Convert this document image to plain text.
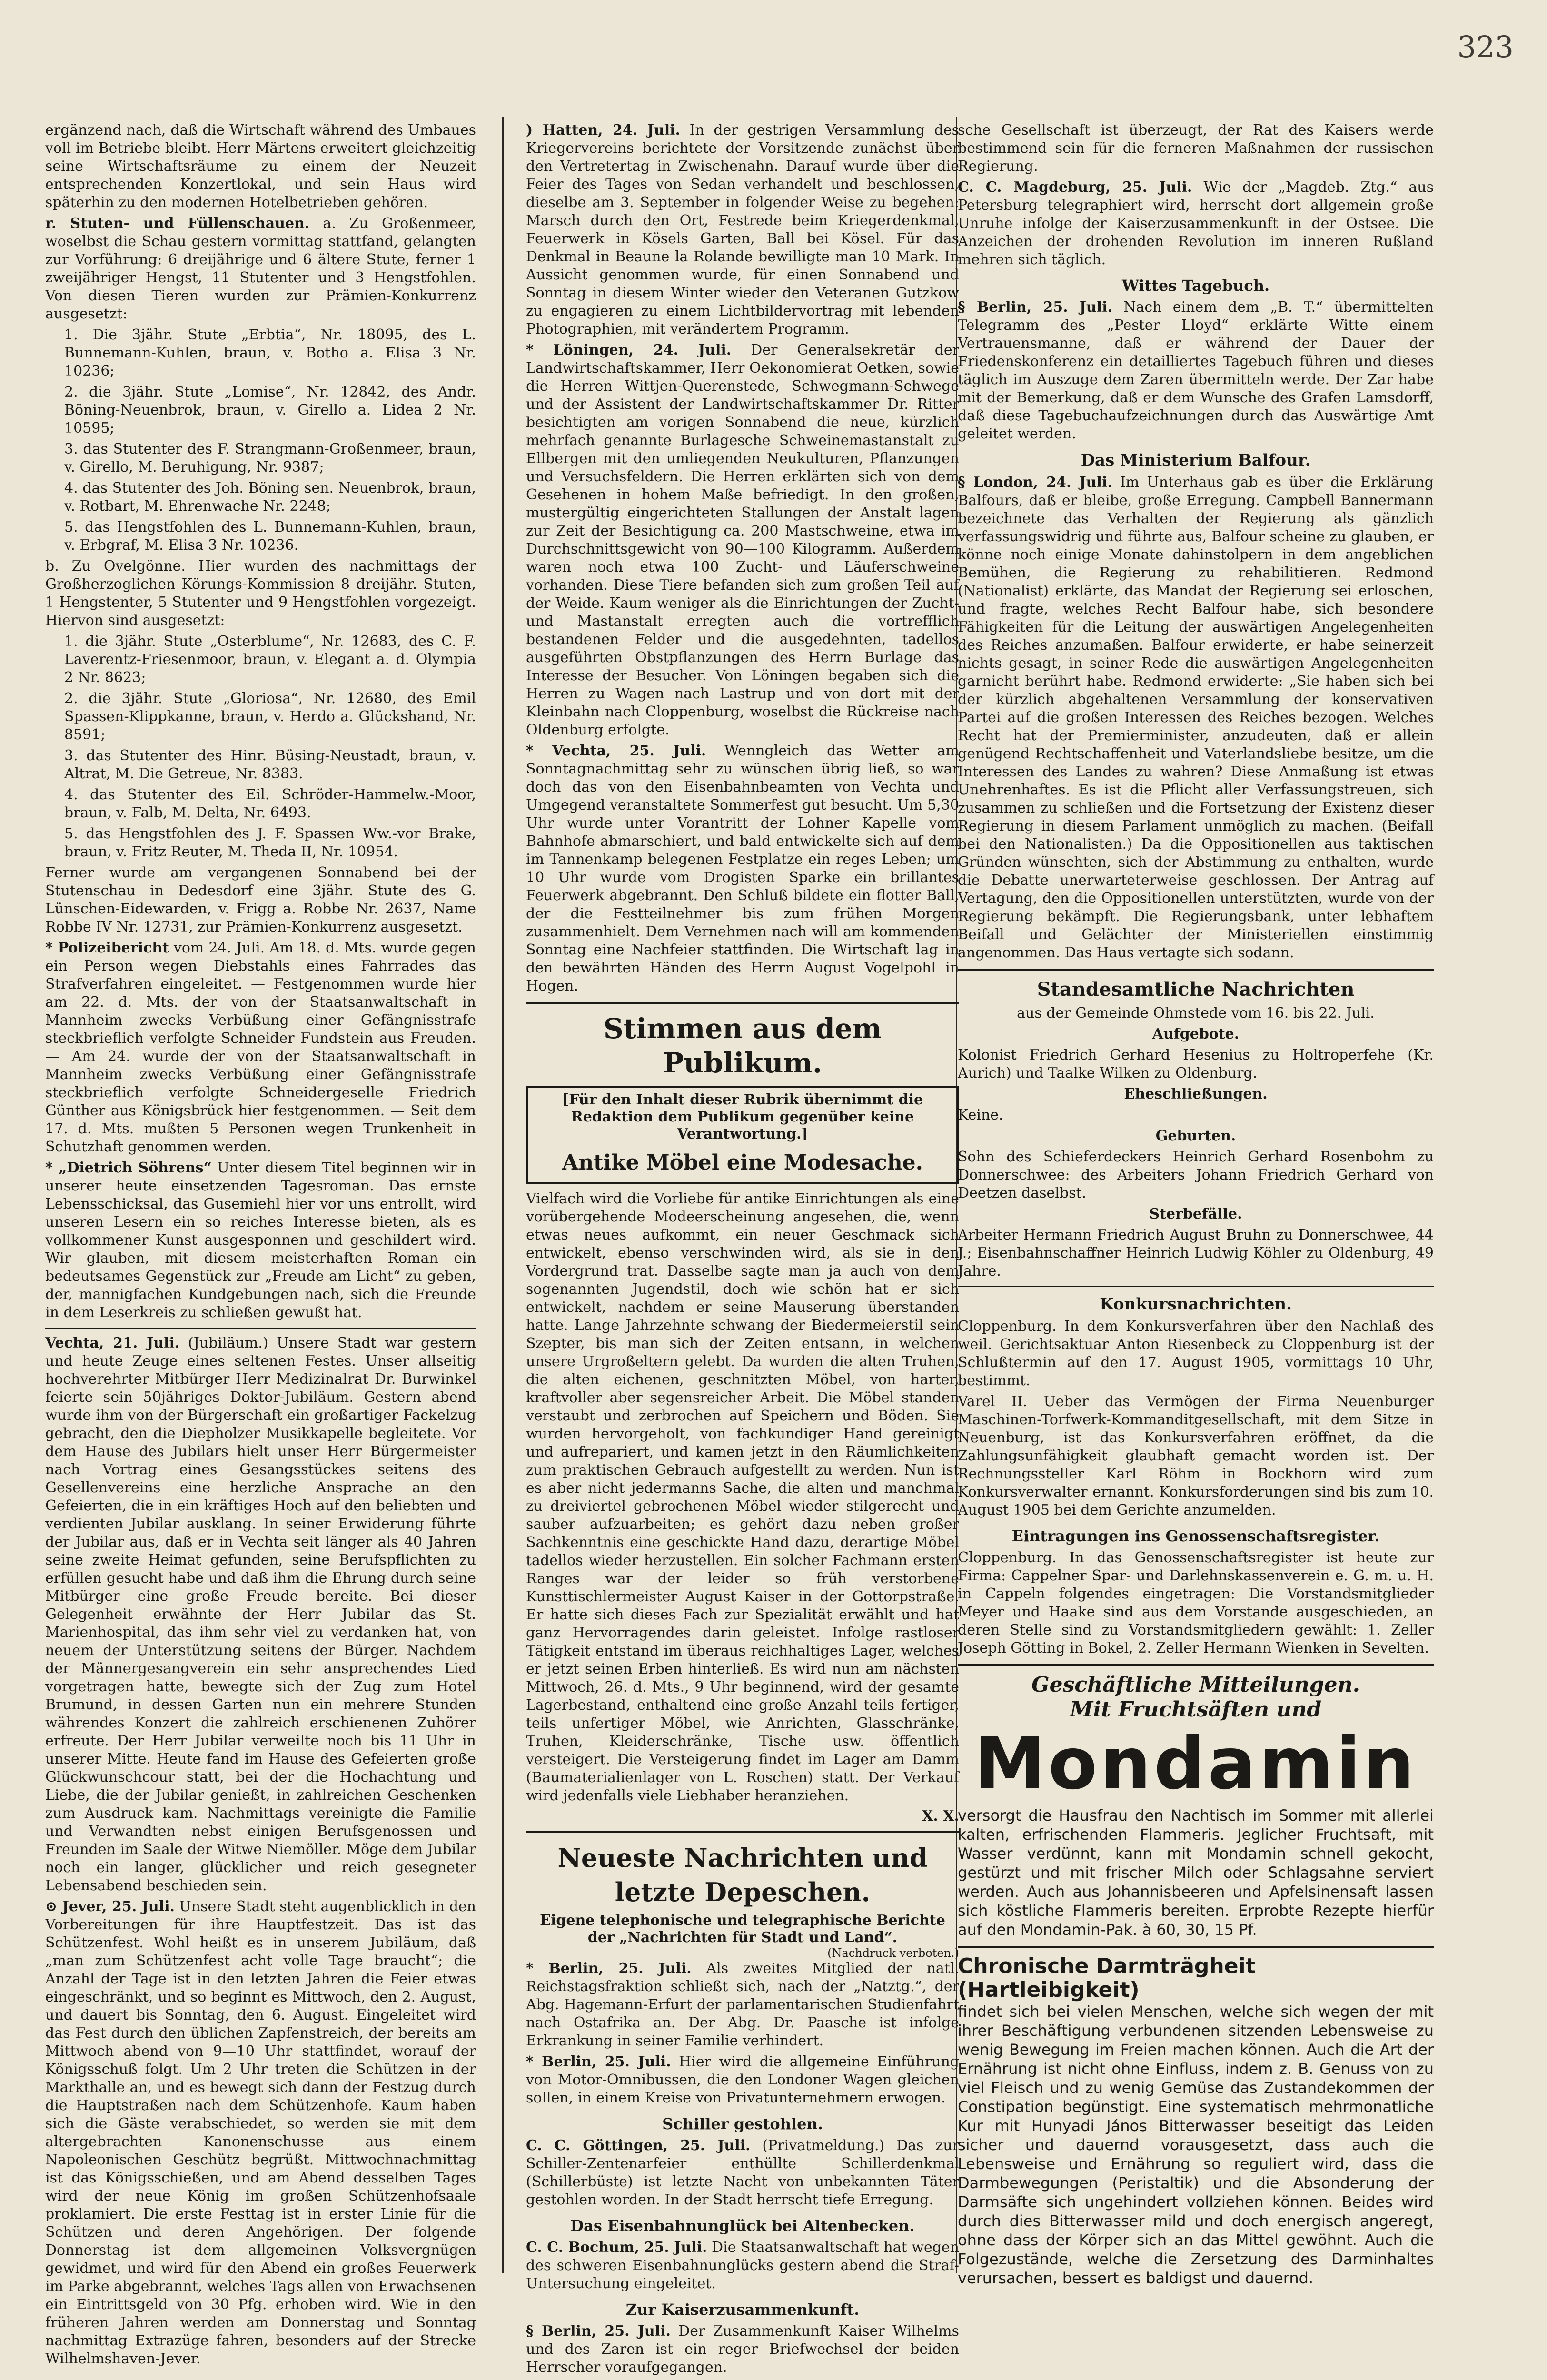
323

ergänzend nach, daß die Wirtschaft während des Umbaues voll im Betriebe bleibt. Herr Märtens erweitert gleichzeitig seine Wirtschaftsräume zu einem der Neuzeit entsprechenden Konzertlokal, und sein Haus wird späterhin zu den modernen Hotelbetrieben gehören.

r. Stuten- und Füllenschauen. a. Zu Großenmeer, woselbst die Schau gestern vormittag stattfand, gelangten zur Vorführung: 6 dreijährige und 6 ältere Stute, ferner 1 zweijähriger Hengst, 11 Stutenter und 3 Hengstfohlen. Von diesen Tieren wurden zur Prämien-Konkurrenz ausgesetzt:

1. Die 3jähr. Stute „Erbtia“, Nr. 18095, des L. Bunnemann-Kuhlen, braun, v. Botho a. Elisa 3 Nr. 10236;

2. die 3jähr. Stute „Lomise“, Nr. 12842, des Andr. Böning-Neuenbrok, braun, v. Girello a. Lidea 2 Nr. 10595;

3. das Stutenter des F. Strangmann-Großenmeer, braun, v. Girello, M. Beruhigung, Nr. 9387;

4. das Stutenter des Joh. Böning sen. Neuenbrok, braun, v. Rotbart, M. Ehrenwache Nr. 2248;

5. das Hengstfohlen des L. Bunnemann-Kuhlen, braun, v. Erbgraf, M. Elisa 3 Nr. 10236.

b. Zu Ovelgönne. Hier wurden des nachmittags der Großherzoglichen Körungs-Kommission 8 dreijähr. Stuten, 1 Hengstenter, 5 Stutenter und 9 Hengstfohlen vorgezeigt. Hiervon sind ausgesetzt:

1. die 3jähr. Stute „Osterblume“, Nr. 12683, des C. F. Laverentz-Friesenmoor, braun, v. Elegant a. d. Olympia 2 Nr. 8623;

2. die 3jähr. Stute „Gloriosa“, Nr. 12680, des Emil Spassen-Klippkanne, braun, v. Herdo a. Glückshand, Nr. 8591;

3. das Stutenter des Hinr. Büsing-Neustadt, braun, v. Altrat, M. Die Getreue, Nr. 8383.

4. das Stutenter des Eil. Schröder-Hammelw.-Moor, braun, v. Falb, M. Delta, Nr. 6493.

5. das Hengstfohlen des J. F. Spassen Ww.-vor Brake, braun, v. Fritz Reuter, M. Theda II, Nr. 10954.

Ferner wurde am vergangenen Sonnabend bei der Stutenschau in Dedesdorf eine 3jähr. Stute des G. Lünschen-Eidewarden, v. Frigg a. Robbe Nr. 2637, Name Robbe IV Nr. 12731, zur Prämien-Konkurrenz ausgesetzt.

* Polizeibericht vom 24. Juli. Am 18. d. Mts. wurde gegen ein Person wegen Diebstahls eines Fahrrades das Strafverfahren eingeleitet. — Festgenommen wurde hier am 22. d. Mts. der von der Staatsanwaltschaft in Mannheim zwecks Verbüßung einer Gefängnisstrafe steckbrieflich verfolgte Schneider Fundstein aus Freuden. — Am 24. wurde der von der Staatsanwaltschaft in Mannheim zwecks Verbüßung einer Gefängnisstrafe steckbrieflich verfolgte Schneidergeselle Friedrich Günther aus Königsbrück hier festgenommen. — Seit dem 17. d. Mts. mußten 5 Personen wegen Trunkenheit in Schutzhaft genommen werden.

* „Dietrich Söhrens“ Unter diesem Titel beginnen wir in unserer heute einsetzenden Tagesroman. Das ernste Lebensschicksal, das Gusemiehl hier vor uns entrollt, wird unseren Lesern ein so reiches Interesse bieten, als es vollkommener Kunst ausgesponnen und geschildert wird. Wir glauben, mit diesem meisterhaften Roman ein bedeutsames Gegenstück zur „Freude am Licht“ zu geben, der, mannigfachen Kundgebungen nach, sich die Freunde in dem Leserkreis zu schließen gewußt hat.

Vechta, 21. Juli. (Jubiläum.) Unsere Stadt war gestern und heute Zeuge eines seltenen Festes. Unser allseitig hochverehrter Mitbürger Herr Medizinalrat Dr. Burwinkel feierte sein 50jähriges Doktor-Jubiläum. Gestern abend wurde ihm von der Bürgerschaft ein großartiger Fackelzug gebracht, den die Diepholzer Musikkapelle begleitete. Vor dem Hause des Jubilars hielt unser Herr Bürgermeister nach Vortrag eines Gesangsstückes seitens des Gesellenvereins eine herzliche Ansprache an den Gefeierten, die in ein kräftiges Hoch auf den beliebten und verdienten Jubilar ausklang. In seiner Erwiderung führte der Jubilar aus, daß er in Vechta seit länger als 40 Jahren seine zweite Heimat gefunden, seine Berufspflichten zu erfüllen gesucht habe und daß ihm die Ehrung durch seine Mitbürger eine große Freude bereite. Bei dieser Gelegenheit erwähnte der Herr Jubilar das St. Marienhospital, das ihm sehr viel zu verdanken hat, von neuem der Unterstützung seitens der Bürger. Nachdem der Männergesangverein ein sehr ansprechendes Lied vorgetragen hatte, bewegte sich der Zug zum Hotel Brumund, in dessen Garten nun ein mehrere Stunden währendes Konzert die zahlreich erschienenen Zuhörer erfreute. Der Herr Jubilar verweilte noch bis 11 Uhr in unserer Mitte. Heute fand im Hause des Gefeierten große Glückwunschcour statt, bei der die Hochachtung und Liebe, die der Jubilar genießt, in zahlreichen Geschenken zum Ausdruck kam. Nachmittags vereinigte die Familie und Verwandten nebst einigen Berufsgenossen und Freunden im Saale der Witwe Niemöller. Möge dem Jubilar noch ein langer, glücklicher und reich gesegneter Lebensabend beschieden sein.

⊙ Jever, 25. Juli. Unsere Stadt steht augenblicklich in den Vorbereitungen für ihre Hauptfestzeit. Das ist das Schützenfest. Wohl heißt es in unserem Jubiläum, daß „man zum Schützenfest acht volle Tage braucht“; die Anzahl der Tage ist in den letzten Jahren die Feier etwas eingeschränkt, und so beginnt es Mittwoch, den 2. August, und dauert bis Sonntag, den 6. August. Eingeleitet wird das Fest durch den üblichen Zapfenstreich, der bereits am Mittwoch abend von 9—10 Uhr stattfindet, worauf der Königsschuß folgt. Um 2 Uhr treten die Schützen in der Markthalle an, und es bewegt sich dann der Festzug durch die Hauptstraßen nach dem Schützenhofe. Kaum haben sich die Gäste verabschiedet, so werden sie mit dem altergebrachten Kanonenschusse aus einem Napoleonischen Geschütz begrüßt. Mittwochnachmittag ist das Königsschießen, und am Abend desselben Tages wird der neue König im großen Schützenhofsaale proklamiert. Die erste Festtag ist in erster Linie für die Schützen und deren Angehörigen. Der folgende Donnerstag ist dem allgemeinen Volksvergnügen gewidmet, und wird für den Abend ein großes Feuerwerk im Parke abgebrannt, welches Tags allen von Erwachsenen ein Eintrittsgeld von 30 Pfg. erhoben wird. Wie in den früheren Jahren werden am Donnerstag und Sonntag nachmittag Extrazüge fahren, besonders auf der Strecke Wilhelmshaven-Jever.

) Hatten, 24. Juli. In der gestrigen Versammlung des Kriegervereins berichtete der Vorsitzende zunächst über den Vertretertag in Zwischenahn. Darauf wurde über die Feier des Tages von Sedan verhandelt und beschlossen, dieselbe am 3. September in folgender Weise zu begehen: Marsch durch den Ort, Festrede beim Kriegerdenkmal, Feuerwerk in Kösels Garten, Ball bei Kösel. Für das Denkmal in Beaune la Rolande bewilligte man 10 Mark. In Aussicht genommen wurde, für einen Sonnabend und Sonntag in diesem Winter wieder den Veteranen Gutzkow zu engagieren zu einem Lichtbildervortrag mit lebenden Photographien, mit verändertem Programm.

* Löningen, 24. Juli. Der Generalsekretär der Landwirtschaftskammer, Herr Oekonomierat Oetken, sowie die Herren Wittjen-Querenstede, Schwegmann-Schwege und der Assistent der Landwirtschaftskammer Dr. Ritter besichtigten am vorigen Sonnabend die neue, kürzlich mehrfach genannte Burlagesche Schweinemastanstalt zu Ellbergen mit den umliegenden Neukulturen, Pflanzungen und Versuchsfeldern. Die Herren erklärten sich von dem Gesehenen in hohem Maße befriedigt. In den großen, mustergültig eingerichteten Stallungen der Anstalt lagen zur Zeit der Besichtigung ca. 200 Mastschweine, etwa im Durchschnittsgewicht von 90—100 Kilogramm. Außerdem waren noch etwa 100 Zucht- und Läuferschweine vorhanden. Diese Tiere befanden sich zum großen Teil auf der Weide. Kaum weniger als die Einrichtungen der Zucht- und Mastanstalt erregten auch die vortrefflich bestandenen Felder und die ausgedehnten, tadellos ausgeführten Obstpflanzungen des Herrn Burlage das Interesse der Besucher. Von Löningen begaben sich die Herren zu Wagen nach Lastrup und von dort mit der Kleinbahn nach Cloppenburg, woselbst die Rückreise nach Oldenburg erfolgte.

* Vechta, 25. Juli. Wenngleich das Wetter am Sonntagnachmittag sehr zu wünschen übrig ließ, so war doch das von den Eisenbahnbeamten von Vechta und Umgegend veranstaltete Sommerfest gut besucht. Um 5,30 Uhr wurde unter Vorantritt der Lohner Kapelle vom Bahnhofe abmarschiert, und bald entwickelte sich auf dem im Tannenkamp belegenen Festplatze ein reges Leben; um 10 Uhr wurde vom Drogisten Sparke ein brillantes Feuerwerk abgebrannt. Den Schluß bildete ein flotter Ball, der die Festteilnehmer bis zum frühen Morgen zusammenhielt. Dem Vernehmen nach will am kommenden Sonntag eine Nachfeier stattfinden. Die Wirtschaft lag in den bewährten Händen des Herrn August Vogelpohl in Hogen.

Stimmen aus dem Publikum.
[Für den Inhalt dieser Rubrik übernimmt die Redaktion dem Publikum gegenüber keine Verantwortung.]
Antike Möbel eine Modesache.

Vielfach wird die Vorliebe für antike Einrichtungen als eine vorübergehende Modeerscheinung angesehen, die, wenn etwas neues aufkommt, ein neuer Geschmack sich entwickelt, ebenso verschwinden wird, als sie in den Vordergrund trat. Dasselbe sagte man ja auch von dem sogenannten Jugendstil, doch wie schön hat er sich entwickelt, nachdem er seine Mauserung überstanden hatte. Lange Jahrzehnte schwang der Biedermeierstil sein Szepter, bis man sich der Zeiten entsann, in welchen unsere Urgroßeltern gelebt. Da wurden die alten Truhen, die alten eichenen, geschnitzten Möbel, von harter, kraftvoller aber segensreicher Arbeit. Die Möbel standen verstaubt und zerbrochen auf Speichern und Böden. Sie wurden hervorgeholt, von fachkundiger Hand gereinigt und aufrepariert, und kamen jetzt in den Räumlichkeiten zum praktischen Gebrauch aufgestellt zu werden. Nun ist es aber nicht jedermanns Sache, die alten und manchmal zu dreiviertel gebrochenen Möbel wieder stilgerecht und sauber aufzuarbeiten; es gehört dazu neben großer Sachkenntnis eine geschickte Hand dazu, derartige Möbel tadellos wieder herzustellen. Ein solcher Fachmann ersten Ranges war der leider so früh verstorbene Kunsttischlermeister August Kaiser in der Gottorpstraße. Er hatte sich dieses Fach zur Spezialität erwählt und hat ganz Hervorragendes darin geleistet. Infolge rastloser Tätigkeit entstand im überaus reichhaltiges Lager, welches er jetzt seinen Erben hinterließ. Es wird nun am nächsten Mittwoch, 26. d. Mts., 9 Uhr beginnend, wird der gesamte Lagerbestand, enthaltend eine große Anzahl teils fertiger, teils unfertiger Möbel, wie Anrichten, Glasschränke, Truhen, Kleiderschränke, Tische usw. öffentlich versteigert. Die Versteigerung findet im Lager am Damm (Baumaterialienlager von L. Roschen) statt. Der Verkauf wird jedenfalls viele Liebhaber heranziehen.

X. X.
Neueste Nachrichten und letzte Depeschen.
Eigene telephonische und telegraphische Berichte der „Nachrichten für Stadt und Land“.
(Nachdruck verboten.)

* Berlin, 25. Juli. Als zweites Mitglied der natl. Reichstagsfraktion schließt sich, nach der „Natztg.“, der Abg. Hagemann-Erfurt der parlamentarischen Studienfahrt nach Ostafrika an. Der Abg. Dr. Paasche ist infolge Erkrankung in seiner Familie verhindert.

* Berlin, 25. Juli. Hier wird die allgemeine Einführung von Motor-Omnibussen, die den Londoner Wagen gleichen sollen, in einem Kreise von Privatunternehmern erwogen.

Schiller gestohlen.

C. C. Göttingen, 25. Juli. (Privatmeldung.) Das zur Schiller-Zentenarfeier enthüllte Schillerdenkmal (Schillerbüste) ist letzte Nacht von unbekannten Täter gestohlen worden. In der Stadt herrscht tiefe Erregung.

Das Eisenbahnunglück bei Altenbecken.

C. C. Bochum, 25. Juli. Die Staatsanwaltschaft hat wegen des schweren Eisenbahnunglücks gestern abend die Straf-Untersuchung eingeleitet.

Zur Kaiserzusammenkunft.

§ Berlin, 25. Juli. Der Zusammenkunft Kaiser Wilhelms und des Zaren ist ein reger Briefwechsel der beiden Herrscher voraufgegangen.

sche Gesellschaft ist überzeugt, der Rat des Kaisers werde bestimmend sein für die ferneren Maßnahmen der russischen Regierung.

C. C. Magdeburg, 25. Juli. Wie der „Magdeb. Ztg.“ aus Petersburg telegraphiert wird, herrscht dort allgemein große Unruhe infolge der Kaiserzusammenkunft in der Ostsee. Die Anzeichen der drohenden Revolution im inneren Rußland mehren sich täglich.

Wittes Tagebuch.

§ Berlin, 25. Juli. Nach einem dem „B. T.“ übermittelten Telegramm des „Pester Lloyd“ erklärte Witte einem Vertrauensmanne, daß er während der Dauer der Friedenskonferenz ein detailliertes Tagebuch führen und dieses täglich im Auszuge dem Zaren übermitteln werde. Der Zar habe mit der Bemerkung, daß er dem Wunsche des Grafen Lamsdorff, daß diese Tagebuchaufzeichnungen durch das Auswärtige Amt geleitet werden.

Das Ministerium Balfour.

§ London, 24. Juli. Im Unterhaus gab es über die Erklärung Balfours, daß er bleibe, große Erregung. Campbell Bannermann bezeichnete das Verhalten der Regierung als gänzlich verfassungswidrig und führte aus, Balfour scheine zu glauben, er könne noch einige Monate dahinstolpern in dem angeblichen Bemühen, die Regierung zu rehabilitieren. Redmond (Nationalist) erklärte, das Mandat der Regierung sei erloschen, und fragte, welches Recht Balfour habe, sich besondere Fähigkeiten für die Leitung der auswärtigen Angelegenheiten des Reiches anzumaßen. Balfour erwiderte, er habe seinerzeit nichts gesagt, in seiner Rede die auswärtigen Angelegenheiten garnicht berührt habe. Redmond erwiderte: „Sie haben sich bei der kürzlich abgehaltenen Versammlung der konservativen Partei auf die großen Interessen des Reiches bezogen. Welches Recht hat der Premierminister, anzudeuten, daß er allein genügend Rechtschaffenheit und Vaterlandsliebe besitze, um die Interessen des Landes zu wahren? Diese Anmaßung ist etwas Unehrenhaftes. Es ist die Pflicht aller Verfassungstreuen, sich zusammen zu schließen und die Fortsetzung der Existenz dieser Regierung in diesem Parlament unmöglich zu machen. (Beifall bei den Nationalisten.) Da die Oppositionellen aus taktischen Gründen wünschten, sich der Abstimmung zu enthalten, wurde die Debatte unerwarteterweise geschlossen. Der Antrag auf Vertagung, den die Oppositionellen unterstützten, wurde von der Regierung bekämpft. Die Regierungsbank, unter lebhaftem Beifall und Gelächter der Ministeriellen einstimmig angenommen. Das Haus vertagte sich sodann.

Standesamtliche Nachrichten

aus der Gemeinde Ohmstede vom 16. bis 22. Juli.

Aufgebote.

Kolonist Friedrich Gerhard Hesenius zu Holtroperfehe (Kr. Aurich) und Taalke Wilken zu Oldenburg.

Eheschließungen.

Keine.

Geburten.

Sohn des Schieferdeckers Heinrich Gerhard Rosenbohm zu Donnerschwee: des Arbeiters Johann Friedrich Gerhard von Deetzen daselbst.

Sterbefälle.

Arbeiter Hermann Friedrich August Bruhn zu Donnerschwee, 44 J.; Eisenbahnschaffner Heinrich Ludwig Köhler zu Oldenburg, 49 Jahre.

Konkursnachrichten.

Cloppenburg. In dem Konkursverfahren über den Nachlaß des weil. Gerichtsaktuar Anton Riesenbeck zu Cloppenburg ist der Schlußtermin auf den 17. August 1905, vormittags 10 Uhr, bestimmt.

Varel II. Ueber das Vermögen der Firma Neuenburger Maschinen-Torfwerk-Kommanditgesellschaft, mit dem Sitze in Neuenburg, ist das Konkursverfahren eröffnet, da die Zahlungsunfähigkeit glaubhaft gemacht worden ist. Der Rechnungssteller Karl Röhm in Bockhorn wird zum Konkursverwalter ernannt. Konkursforderungen sind bis zum 10. August 1905 bei dem Gerichte anzumelden.

Eintragungen ins Genossenschaftsregister.

Cloppenburg. In das Genossenschaftsregister ist heute zur Firma: Cappelner Spar- und Darlehnskassenverein e. G. m. u. H. in Cappeln folgendes eingetragen: Die Vorstandsmitglieder Meyer und Haake sind aus dem Vorstande ausgeschieden, an deren Stelle sind zu Vorstandsmitgliedern gewählt: 1. Zeller Joseph Götting in Bokel, 2. Zeller Hermann Wienken in Sevelten.

Geschäftliche Mitteilungen.
Mit Fruchtsäften und
Mondamin

versorgt die Hausfrau den Nachtisch im Sommer mit allerlei kalten, erfrischenden Flammeris. Jeglicher Fruchtsaft, mit Wasser verdünnt, kann mit Mondamin schnell gekocht, gestürzt und mit frischer Milch oder Schlagsahne serviert werden. Auch aus Johannisbeeren und Apfelsinensaft lassen sich köstliche Flammeris bereiten. Erprobte Rezepte hierfür auf den Mondamin-Pak. à 60, 30, 15 Pf.

Chronische Darmträgheit (Hartleibigkeit)

findet sich bei vielen Menschen, welche sich wegen der mit ihrer Beschäftigung verbundenen sitzenden Lebensweise zu wenig Bewegung im Freien machen können. Auch die Art der Ernährung ist nicht ohne Einfluss, indem z. B. Genuss von zu viel Fleisch und zu wenig Gemüse das Zustandekommen der Constipation begünstigt. Eine systematisch mehrmonatliche Kur mit Hunyadi János Bitterwasser beseitigt das Leiden sicher und dauernd vorausgesetzt, dass auch die Lebensweise und Ernährung so reguliert wird, dass die Darmbewegungen (Peristaltik) und die Absonderung der Darmsäfte sich ungehindert vollziehen können. Beides wird durch dies Bitterwasser mild und doch energisch angeregt, ohne dass der Körper sich an das Mittel gewöhnt. Auch die Folgezustände, welche die Zersetzung des Darminhaltes verursachen, bessert es baldigst und dauernd.
